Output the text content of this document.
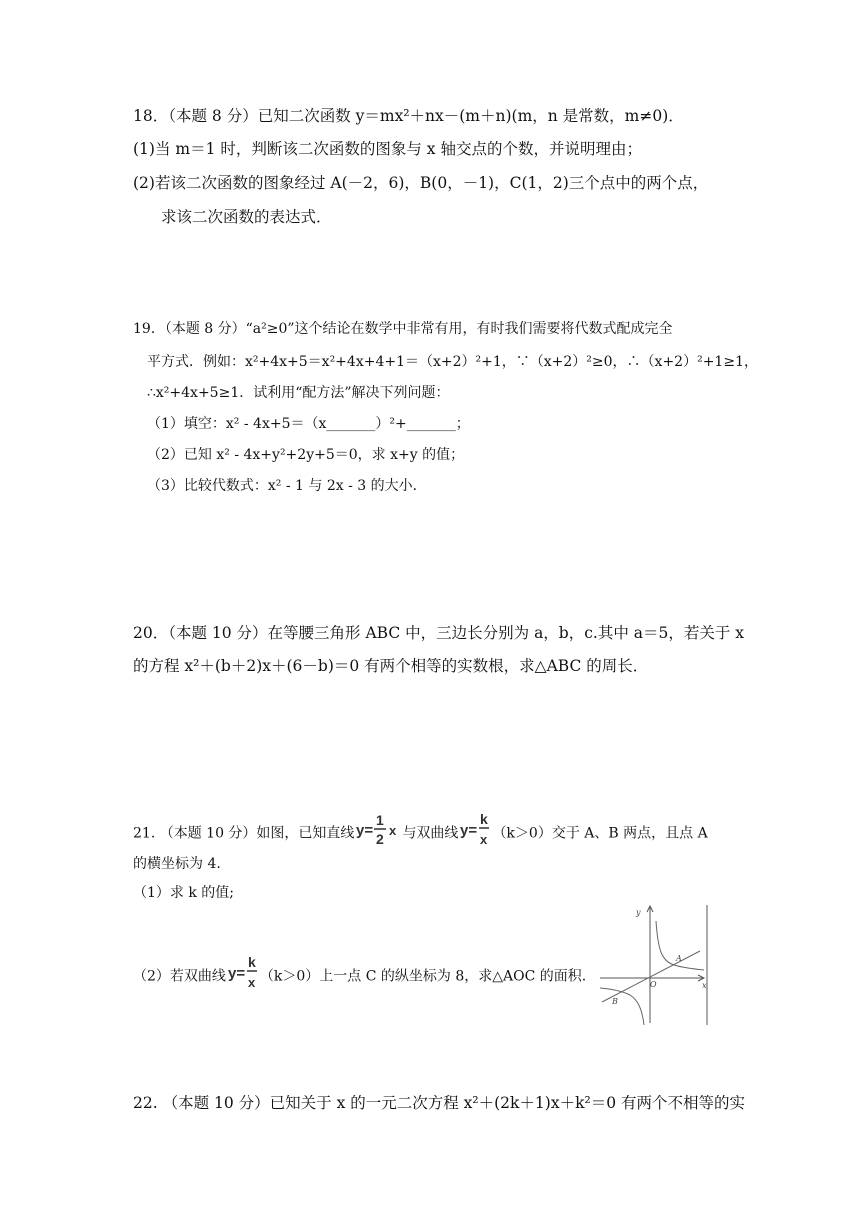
18．（本题 8 分）已知二次函数 y＝mx²＋nx－(m＋n)(m，n 是常数，m≠0)．
(1)当 m＝1 时，判断该二次函数的图象与 x 轴交点的个数，并说明理由；
(2)若该二次函数的图象经过 A(－2，6)，B(0，－1)，C(1，2)三个点中的两个点，
求该二次函数的表达式．
19．（本题 8 分）“a²≥0”这个结论在数学中非常有用，有时我们需要将代数式配成完全
平方式．例如：x²+4x+5＝x²+4x+4+1＝（x+2）²+1，∵（x+2）²≥0，∴（x+2）²+1≥1，
∴x²+4x+5≥1．试利用“配方法”解决下列问题：
（1）填空：x² - 4x+5＝（x_______）²+_______；
（2）已知 x² - 4x+y²+2y+5＝0，求 x+y 的值；
（3）比较代数式：x² - 1 与 2x - 3 的大小．
20．（本题 10 分）在等腰三角形 ABC 中，三边长分别为 a，b，c.其中 a＝5，若关于 x
的方程 x²＋(b＋2)x＋(6－b)＝0 有两个相等的实数根，求△ABC 的周长．
21. （本题 10 分）如图，已知直线 y=
1
2
x 与双曲线 y=
k
x （k＞0）交于 A、B 两点，且点 A
的横坐标为 4.
（1）求 k 的值;
（2）若双曲线 y=
k
x （k＞0）上一点 C 的纵坐标为 8，求△AOC 的面积.
y
x
O
A
B
22. （本题 10 分）已知关于 x 的一元二次方程 x²＋(2k＋1)x＋k²＝0 有两个不相等的实
